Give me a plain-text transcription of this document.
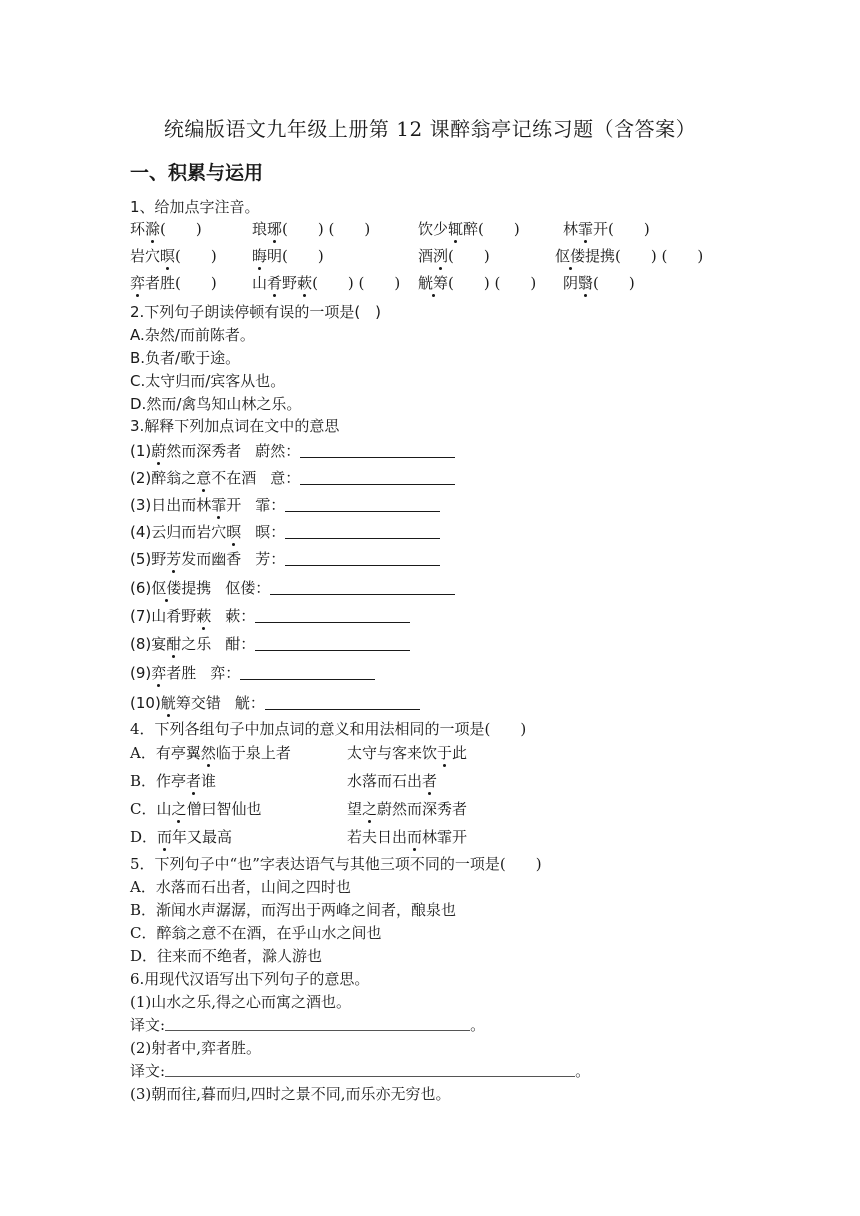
统编版语文九年级上册第 12 课醉翁亭记练习题（含答案）
一、积累与运用
1、给加点字注音。
环滁(　　)	琅琊(　　) (　　)	饮少辄醉(　　)	林霏开(　　)
岩穴暝(　　) 晦明(　　)	酒洌(　　)	伛偻提携(　　) (　　)
弈者胜(　　) 山肴野蔌(　　) (　　) 觥筹(　　) (　　) 阴翳(　　)
2.下列句子朗读停顿有误的一项是(　)
A.杂然/而前陈者。
B.负者/歌于途。
C.太守归而/宾客从也。
D.然而/禽鸟知山林之乐。
3.解释下列加点词在文中的意思
(1)蔚然而深秀者 蔚然：
(2)醉翁之意不在酒 意：
(3)日出而林霏开 霏：
(4)云归而岩穴暝 暝：
(5)野芳发而幽香 芳：
(6)伛偻提携 伛偻：
(7)山肴野蔌 蔌：
(8)宴酣之乐 酣：
(9)弈者胜 弈：
(10)觥筹交错 觥：
4．下列各组句子中加点词的意义和用法相同的一项是(　　)
A．有亭翼然临于泉上者	太守与客来饮于此
B．作亭者谁	水落而石出者
C．山之僧曰智仙也	望之蔚然而深秀者
D．而年又最高	若夫日出而林霏开
5．下列句子中“也”字表达语气与其他三项不同的一项是(　　)
A．水落而石出者，山间之四时也
B．渐闻水声潺潺，而泻出于两峰之间者，酿泉也
C．醉翁之意不在酒，在乎山水之间也
D．往来而不绝者，滁人游也
6.用现代汉语写出下列句子的意思。
(1)山水之乐,得之心而寓之酒也。
译文:	。
(2)射者中,弈者胜。
译文:	。
(3)朝而往,暮而归,四时之景不同,而乐亦无穷也。
